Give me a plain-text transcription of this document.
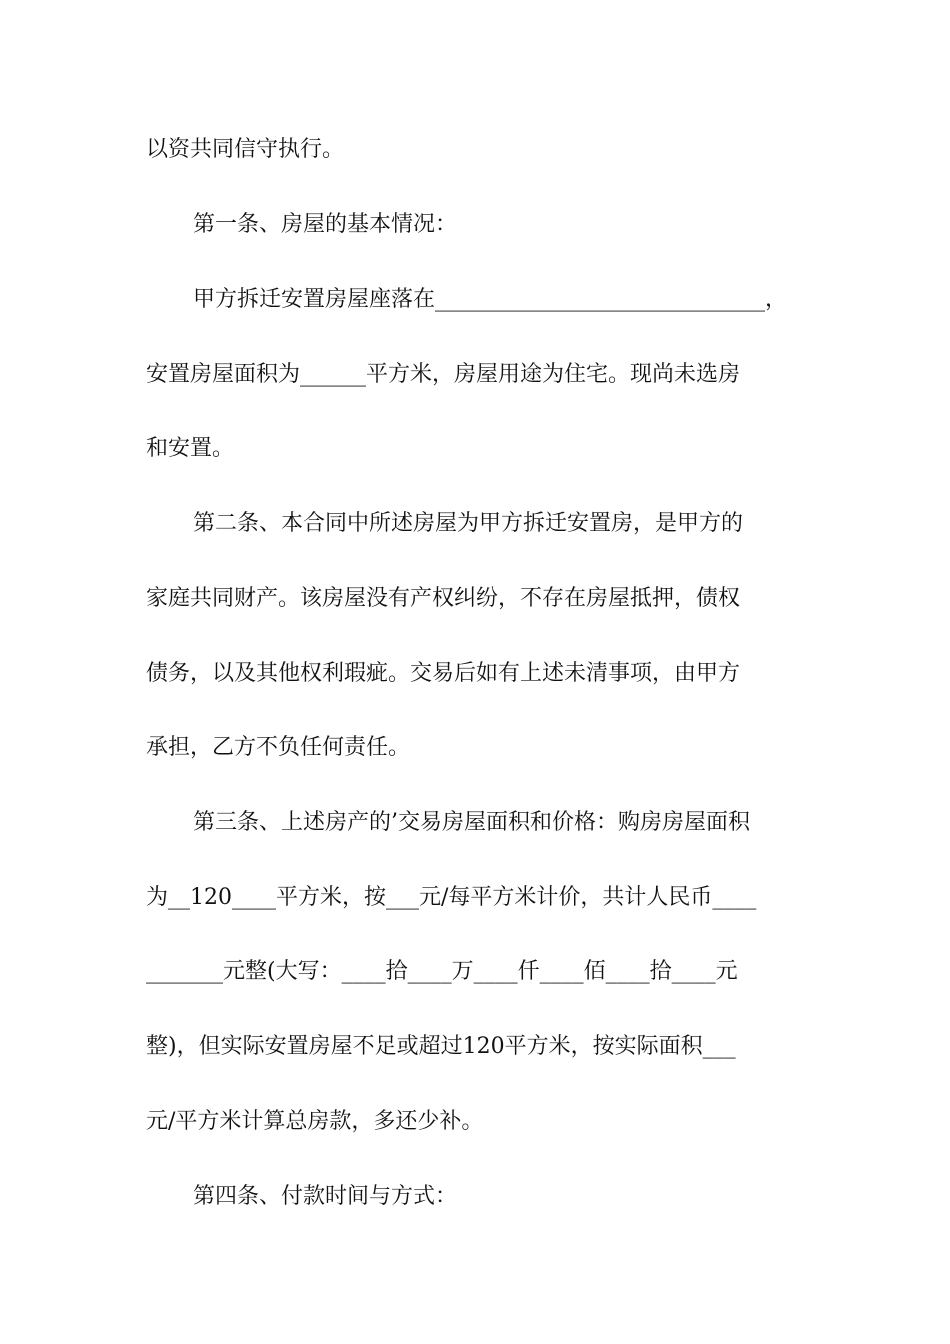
以资共同信守执行。
第一条、房屋的基本情况：
甲方拆迁安置房屋座落在______________________________，
安置房屋面积为______平方米，房屋用途为住宅。现尚未选房
和安置。
第二条、本合同中所述房屋为甲方拆迁安置房，是甲方的
家庭共同财产。该房屋没有产权纠纷，不存在房屋抵押，债权
债务，以及其他权利瑕疵。交易后如有上述未清事项，由甲方
承担，乙方不负任何责任。
第三条、上述房产的’交易房屋面积和价格：购房房屋面积
为__120____平方米，按___元/每平方米计价，共计人民币____
_______元整(大写：____拾____万____仟____佰____拾____元
整)，但实际安置房屋不足或超过120平方米，按实际面积___
元/平方米计算总房款，多还少补。
第四条、付款时间与方式：
